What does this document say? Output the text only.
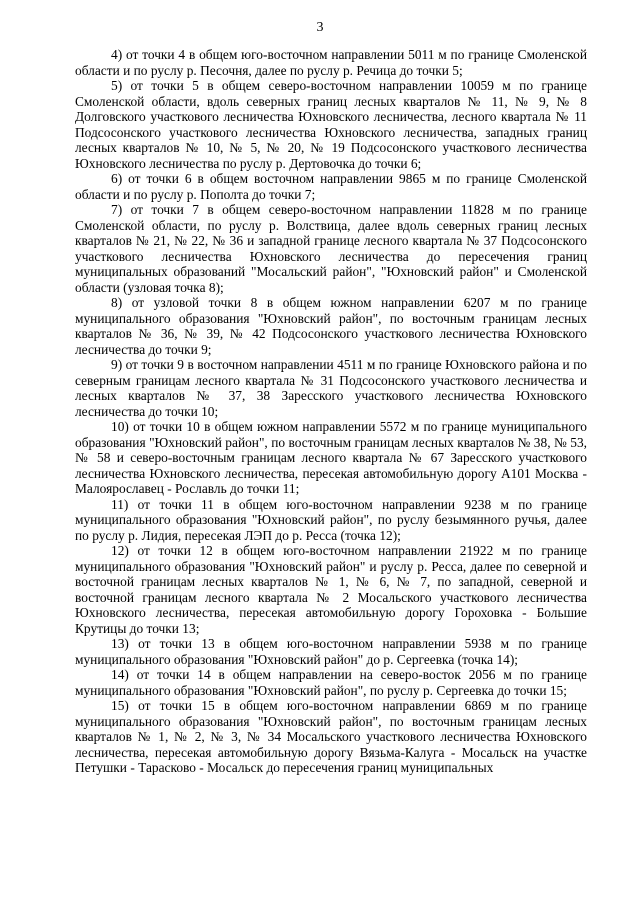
3

4) от точки 4 в общем юго-восточном направлении 5011 м по границе Смоленской области и по руслу р. Песочня, далее по руслу р. Речица до точки 5;

5) от точки 5 в общем северо-восточном направлении 10059 м по границе Смоленской области, вдоль северных границ лесных кварталов № 11, № 9, № 8 Долговского участкового лесничества Юхновского лесничества, лесного квартала № 11 Подсосонского участкового лесничества Юхновского лесничества, западных границ лесных кварталов № 10, № 5, № 20, № 19 Подсосонского участкового лесничества Юхновского лесничества по руслу р. Дертовочка до точки 6;

6) от точки 6 в общем восточном направлении 9865 м по границе Смоленской области и по руслу р. Пополта до точки 7;

7) от точки 7 в общем северо-восточном направлении 11828 м по границе Смоленской области, по руслу р. Волствица, далее вдоль северных границ лесных кварталов № 21, № 22, № 36 и западной границе лесного квартала № 37 Подсосонского участкового лесничества Юхновского лесничества до пересечения границ муниципальных образований "Мосальский район", "Юхновский район" и Смоленской области (узловая точка 8);

8) от узловой точки 8 в общем южном направлении 6207 м по границе муниципального образования "Юхновский район", по восточным границам лесных кварталов № 36, № 39, № 42 Подсосонского участкового лесничества Юхновского лесничества до точки 9;

9) от точки 9 в восточном направлении 4511 м по границе Юхновского района и по северным границам лесного квартала № 31 Подсосонского участкового лесничества и лесных кварталов № 37, 38 Заресского участкового лесничества Юхновского лесничества до точки 10;

10) от точки 10 в общем южном направлении 5572 м по границе муниципального образования "Юхновский район", по восточным границам лесных кварталов № 38, № 53, № 58 и северо-восточным границам лесного квартала № 67 Заресского участкового лесничества Юхновского лесничества, пересекая автомобильную дорогу А101 Москва - Малоярославец - Рославль до точки 11;

11) от точки 11 в общем юго-восточном направлении 9238 м по границе муниципального образования "Юхновский район", по руслу безымянного ручья, далее по руслу р. Лидия, пересекая ЛЭП до р. Ресса (точка 12);

12) от точки 12 в общем юго-восточном направлении 21922 м по границе муниципального образования "Юхновский район" и руслу р. Ресса, далее по северной и восточной границам лесных кварталов № 1, № 6, № 7, по западной, северной и восточной границам лесного квартала № 2 Мосальского участкового лесничества Юхновского лесничества, пересекая автомобильную дорогу Гороховка - Большие Крутицы до точки 13;

13) от точки 13 в общем юго-восточном направлении 5938 м по границе муниципального образования "Юхновский район" до р. Сергеевка (точка 14);

14) от точки 14 в общем направлении на северо-восток 2056 м по границе муниципального образования "Юхновский район", по руслу р. Сергеевка до точки 15;

15) от точки 15 в общем юго-восточном направлении 6869 м по границе муниципального образования "Юхновский район", по восточным границам лесных кварталов № 1, № 2, № 3, № 34 Мосальского участкового лесничества Юхновского лесничества, пересекая автомобильную дорогу Вязьма-Калуга - Мосальск на участке Петушки - Тарасково - Мосальск до пересечения границ муниципальных
